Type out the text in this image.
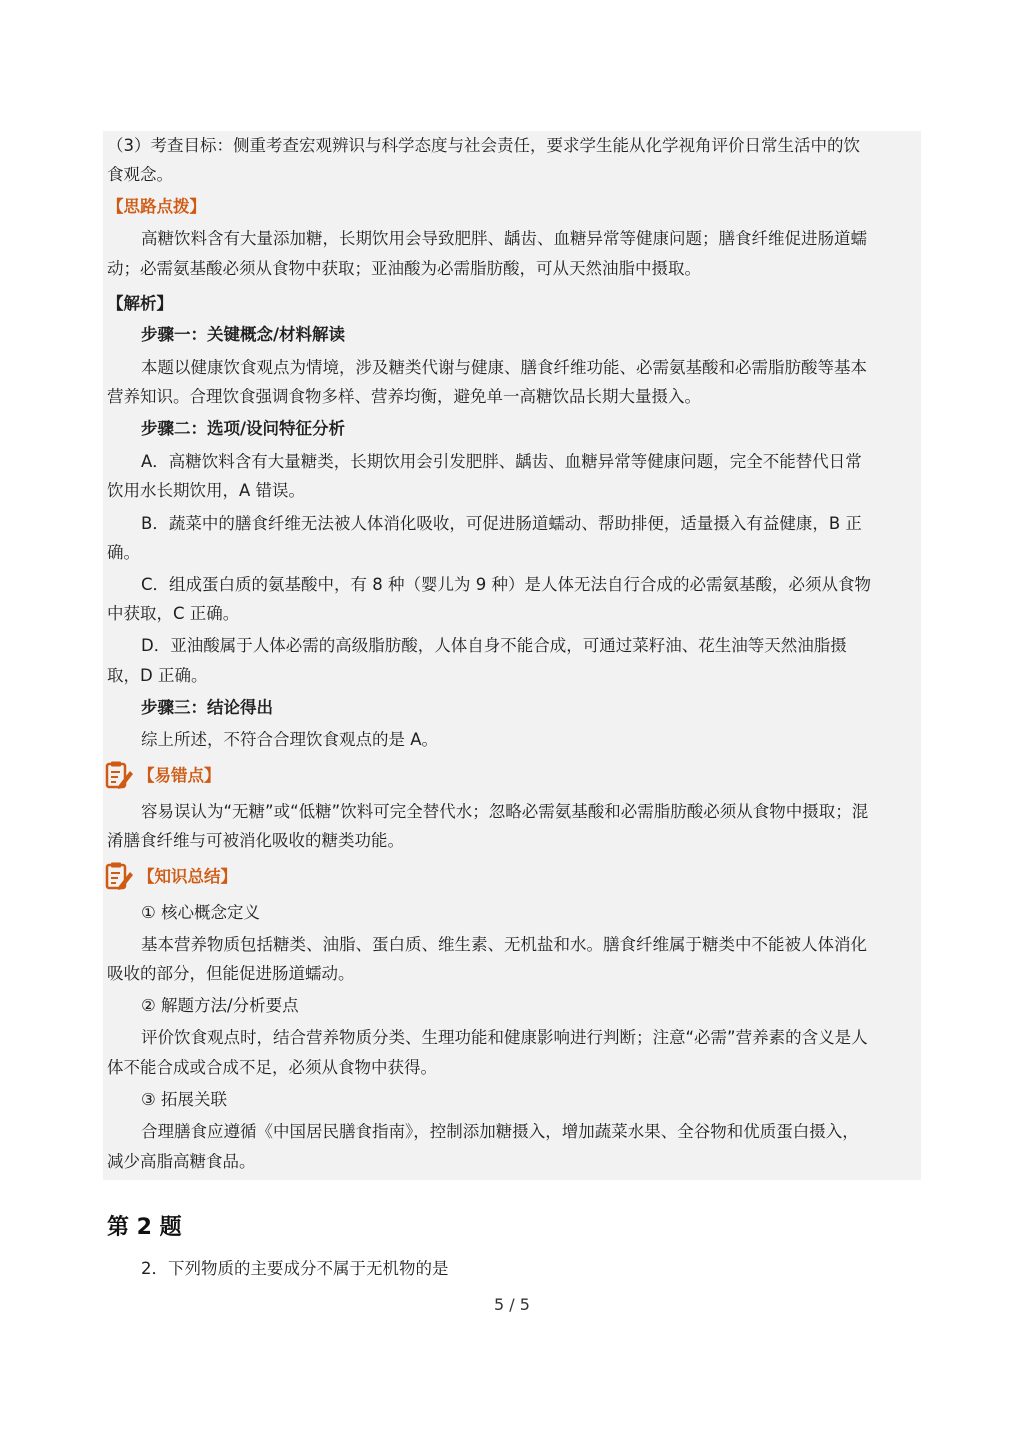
（3）考查目标：侧重考查宏观辨识与科学态度与社会责任，要求学生能从化学视角评价日常生活中的饮
食观念。
【思路点拨】
高糖饮料含有大量添加糖，长期饮用会导致肥胖、龋齿、血糖异常等健康问题；膳食纤维促进肠道蠕
动；必需氨基酸必须从食物中获取；亚油酸为必需脂肪酸，可从天然油脂中摄取。
【解析】
步骤一：关键概念/材料解读
本题以健康饮食观点为情境，涉及糖类代谢与健康、膳食纤维功能、必需氨基酸和必需脂肪酸等基本
营养知识。合理饮食强调食物多样、营养均衡，避免单一高糖饮品长期大量摄入。
步骤二：选项/设问特征分析
A．高糖饮料含有大量糖类，长期饮用会引发肥胖、龋齿、血糖异常等健康问题，完全不能替代日常
饮用水长期饮用，A 错误。
B．蔬菜中的膳食纤维无法被人体消化吸收，可促进肠道蠕动、帮助排便，适量摄入有益健康，B 正
确。
C．组成蛋白质的氨基酸中，有 8 种（婴儿为 9 种）是人体无法自行合成的必需氨基酸，必须从食物
中获取，C 正确。
D．亚油酸属于人体必需的高级脂肪酸，人体自身不能合成，可通过菜籽油、花生油等天然油脂摄
取，D 正确。
步骤三：结论得出
综上所述，不符合合理饮食观点的是 A。
【易错点】
容易误认为“无糖”或“低糖”饮料可完全替代水；忽略必需氨基酸和必需脂肪酸必须从食物中摄取；混
淆膳食纤维与可被消化吸收的糖类功能。
【知识总结】
① 核心概念定义
基本营养物质包括糖类、油脂、蛋白质、维生素、无机盐和水。膳食纤维属于糖类中不能被人体消化
吸收的部分，但能促进肠道蠕动。
② 解题方法/分析要点
评价饮食观点时，结合营养物质分类、生理功能和健康影响进行判断；注意“必需”营养素的含义是人
体不能合成或合成不足，必须从食物中获得。
③ 拓展关联
合理膳食应遵循《中国居民膳食指南》，控制添加糖摄入，增加蔬菜水果、全谷物和优质蛋白摄入，
减少高脂高糖食品。
第 2 题
2．下列物质的主要成分不属于无机物的是
5 / 5
